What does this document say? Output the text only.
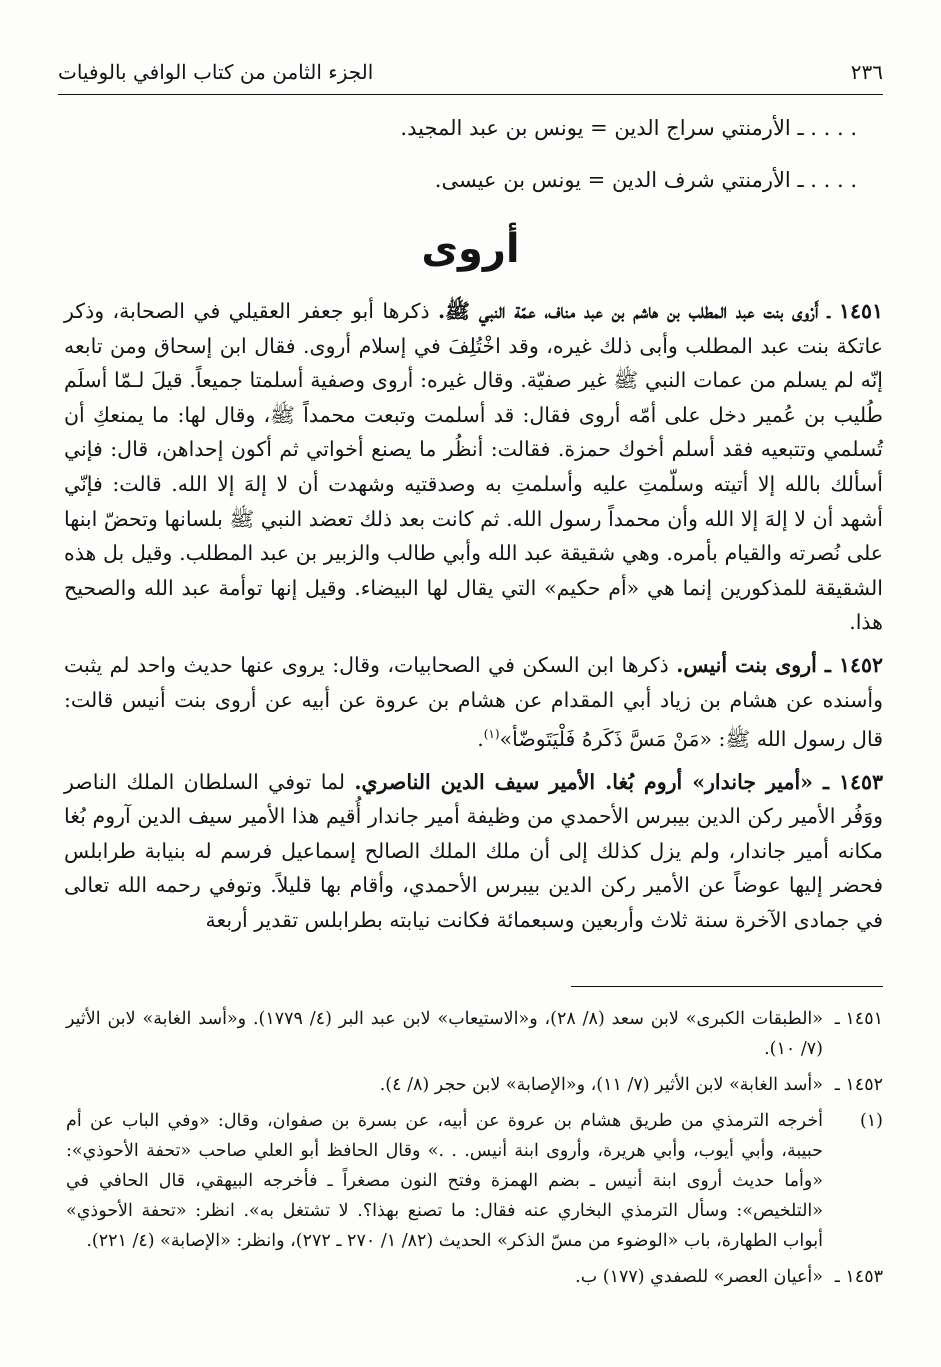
٢٣٦
الجزء الثامن من كتاب الوافي بالوفيات
. . . . ـ الأرمنتي سراج الدين = يونس بن عبد المجيد.
. . . . ـ الأرمنتي شرف الدين = يونس بن عيسى.
أروى

١٤٥١ ـ أَرْوى بنت عبد المطلب بن هاشم بن عبد مناف، عمّة النبي ﷺ. ذكرها أبو جعفر العقيلي في الصحابة، وذكر عاتكة بنت عبد المطلب وأبى ذلك غيره، وقد اخْتُلِفَ في إسلام أروى. فقال ابن إسحاق ومن تابعه إنّه لم يسلم من عمات النبي ﷺ غير صفيّة. وقال غيره: أروى وصفية أسلمتا جميعاً. قيلَ لـمّا أسلَم طُليب بن عُمير دخل على أمّه أروى فقال: قد أسلمت وتبعت محمداً ﷺ، وقال لها: ما يمنعكِ أن تُسلمي وتتبعيه فقد أسلم أخوك حمزة. فقالت: أنظُر ما يصنع أخواتي ثم أكون إحداهن، قال: فإني أسألك بالله إلا أتيته وسلّمتِ عليه وأسلمتِ به وصدقتيه وشهدت أن لا إلهَ إلا الله. قالت: فإنّي أشهد أن لا إلهَ إلا الله وأن محمداً رسول الله. ثم كانت بعد ذلك تعضد النبي ﷺ بلسانها وتحضّ ابنها على نُصرته والقيام بأمره. وهي شقيقة عبد الله وأبي طالب والزبير بن عبد المطلب. وقيل بل هذه الشقيقة للمذكورين إنما هي «أم حكيم» التي يقال لها البيضاء. وقيل إنها توأمة عبد الله والصحيح هذا.

١٤٥٢ ـ أروى بنت أنيس. ذكرها ابن السكن في الصحابيات، وقال: يروى عنها حديث واحد لم يثبت وأسنده عن هشام بن زياد أبي المقدام عن هشام بن عروة عن أبيه عن أروى بنت أنيس قالت: قال رسول الله ﷺ: «مَنْ مَسَّ ذَكَرهُ فَلْيَتَوضّأ»$^{(١)}$.

١٤٥٣ ـ «أمير جاندار» أروم بُغا. الأمير سيف الدين الناصري. لما توفي السلطان الملك الناصر ووَفُر الأمير ركن الدين بيبرس الأحمدي من وظيفة أمير جاندار أُقيم هذا الأمير سيف الدين آروم بُغا مكانه أمير جاندار، ولم يزل كذلك إلى أن ملك الملك الصالح إسماعيل فرسم له بنيابة طرابلس فحضر إليها عوضاً عن الأمير ركن الدين بيبرس الأحمدي، وأقام بها قليلاً. وتوفي رحمه الله تعالى في جمادى الآخرة سنة ثلاث وأربعين وسبعمائة فكانت نيابته بطرابلس تقدير أربعة

١٤٥١ ـ
«الطبقات الكبرى» لابن سعد (٨/ ٢٨)، و«الاستيعاب» لابن عبد البر (٤/ ١٧٧٩). و«أسد الغابة» لابن الأثير (٧/ ١٠).
١٤٥٢ ـ
«أسد الغابة» لابن الأثير (٧/ ١١)، و«الإصابة» لابن حجر (٨/ ٤).
(١)
أخرجه الترمذي من طريق هشام بن عروة عن أبيه، عن بسرة بن صفوان، وقال: «وفي الباب عن أم حبيبة، وأبي أيوب، وأبي هريرة، وأروى ابنة أنيس. . .» وقال الحافظ أبو العلي صاحب «تحفة الأحوذي»: «وأما حديث أروى ابنة أنيس ـ بضم الهمزة وفتح النون مصغراً ـ فأخرجه البيهقي، قال الحافي في «التلخيص»: وسأل الترمذي البخاري عنه فقال: ما تصنع بهذا؟. لا تشتغل به». انظر: «تحفة الأحوذي» أبواب الطهارة، باب «الوضوء من مسّ الذكر» الحديث (٨٢/ ١/ ٢٧٠ ـ ٢٧٢)، وانظر: «الإصابة» (٤/ ٢٢١).
١٤٥٣ ـ
«أعيان العصر» للصفدي (١٧٧) ب.
